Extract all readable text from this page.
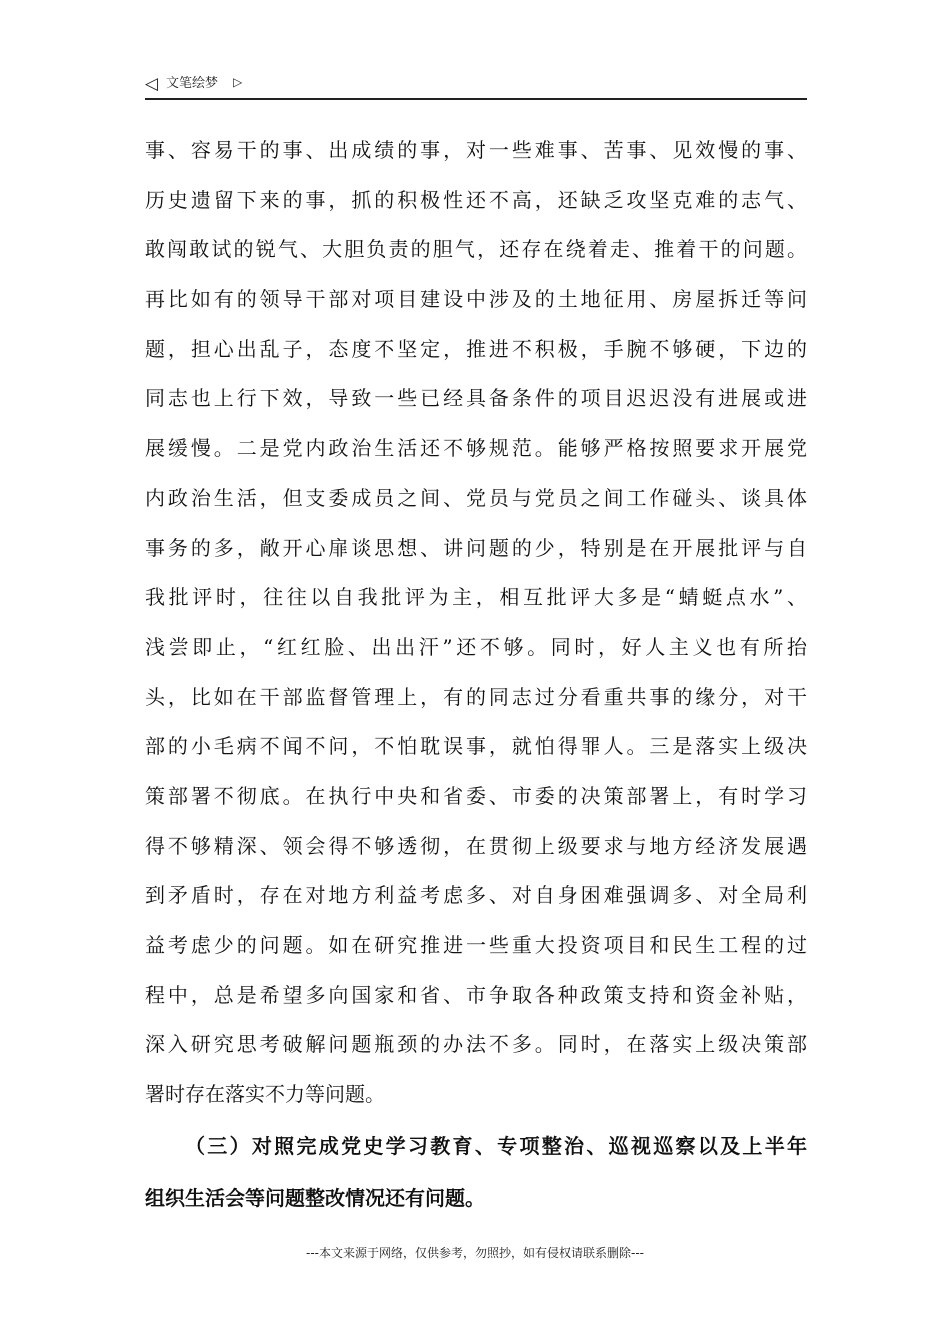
◁ 文笔绘梦 ▷
事、容易干的事、出成绩的事，对一些难事、苦事、见效慢的事、
历史遗留下来的事，抓的积极性还不高，还缺乏攻坚克难的志气、
敢闯敢试的锐气、大胆负责的胆气，还存在绕着走、推着干的问题。
再比如有的领导干部对项目建设中涉及的土地征用、房屋拆迁等问
题，担心出乱子，态度不坚定，推进不积极，手腕不够硬，下边的
同志也上行下效，导致一些已经具备条件的项目迟迟没有进展或进
展缓慢。二是党内政治生活还不够规范。能够严格按照要求开展党
内政治生活，但支委成员之间、党员与党员之间工作碰头、谈具体
事务的多，敞开心扉谈思想、讲问题的少，特别是在开展批评与自
我批评时，往往以自我批评为主，相互批评大多是“蜻蜓点水”、
浅尝即止，“红红脸、出出汗”还不够。同时，好人主义也有所抬
头，比如在干部监督管理上，有的同志过分看重共事的缘分，对干
部的小毛病不闻不问，不怕耽误事，就怕得罪人。三是落实上级决
策部署不彻底。在执行中央和省委、市委的决策部署上，有时学习
得不够精深、领会得不够透彻，在贯彻上级要求与地方经济发展遇
到矛盾时，存在对地方利益考虑多、对自身困难强调多、对全局利
益考虑少的问题。如在研究推进一些重大投资项目和民生工程的过
程中，总是希望多向国家和省、市争取各种政策支持和资金补贴，
深入研究思考破解问题瓶颈的办法不多。同时，在落实上级决策部
署时存在落实不力等问题。
（三）对照完成党史学习教育、专项整治、巡视巡察以及上半年
组织生活会等问题整改情况还有问题。
---本文来源于网络，仅供参考，勿照抄，如有侵权请联系删除---
